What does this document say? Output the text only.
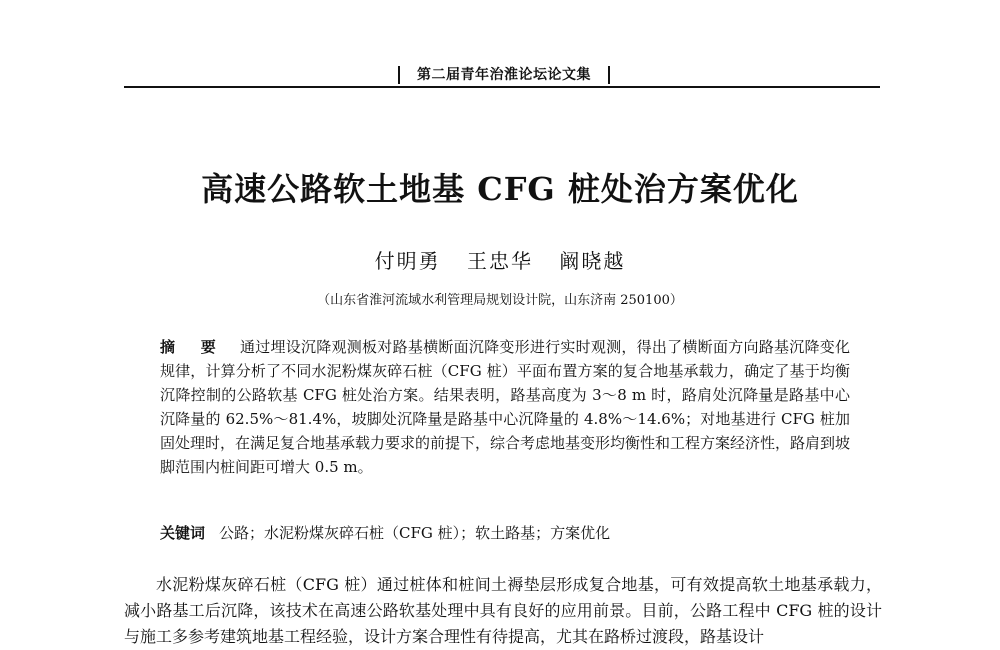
第二届青年治淮论坛论文集
高速公路软土地基 CFG 桩处治方案优化
付明勇 王忠华 阚晓越
（山东省淮河流域水利管理局规划设计院，山东济南 250100）

摘 要 通过埋设沉降观测板对路基横断面沉降变形进行实时观测，得出了横断面方向路基沉降变化规律，计算分析了不同水泥粉煤灰碎石桩（CFG 桩）平面布置方案的复合地基承载力，确定了基于均衡沉降控制的公路软基 CFG 桩处治方案。结果表明，路基高度为 3～8 m 时，路肩处沉降量是路基中心沉降量的 62.5%～81.4%，坡脚处沉降量是路基中心沉降量的 4.8%～14.6%；对地基进行 CFG 桩加固处理时，在满足复合地基承载力要求的前提下，综合考虑地基变形均衡性和工程方案经济性，路肩到坡脚范围内桩间距可增大 0.5 m。

关键词 公路；水泥粉煤灰碎石桩（CFG 桩）；软土路基；方案优化

水泥粉煤灰碎石桩（CFG 桩）通过桩体和桩间土褥垫层形成复合地基，可有效提高软土地基承载力，减小路基工后沉降，该技术在高速公路软基处理中具有良好的应用前景。目前，公路工程中 CFG 桩的设计与施工多参考建筑地基工程经验，设计方案合理性有待提高，尤其在路桥过渡段，路基设计
